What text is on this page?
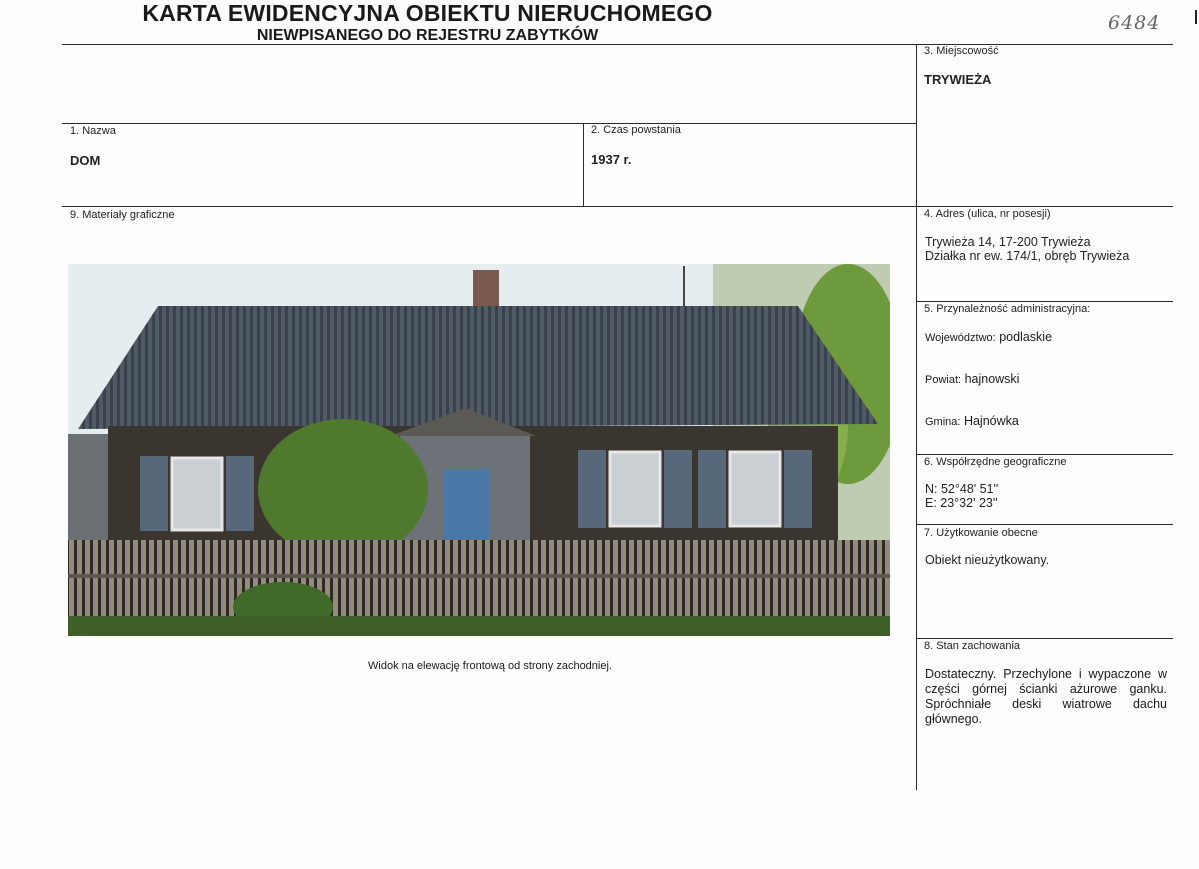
6484
KARTA EWIDENCYJNA OBIEKTU NIERUCHOMEGO
NIEWPISANEGO DO REJESTRU ZABYTKÓW
1. Nazwa
DOM
2. Czas powstania
1937 r.
9. Materiały graficzne
3. Miejscowość
TRYWIEŻA
4. Adres (ulica, nr posesji)
Trywieża 14, 17-200 Trywieża
Działka nr ew. 174/1, obręb Trywieża
5. Przynależność administracyjna:
Województwo: podlaskie
Powiat: hajnowski
Gmina: Hajnówka
6. Współrzędne geograficzne
N: 52°48' 51''
E: 23°32' 23''
7. Użytkowanie obecne
Obiekt nieużytkowany.
8. Stan zachowania
Dostateczny. Przechylone i wypaczone w części górnej ścianki ażurowe ganku. Spróchniałe deski wiatrowe dachu głównego.
Widok na elewację frontową od strony zachodniej.
